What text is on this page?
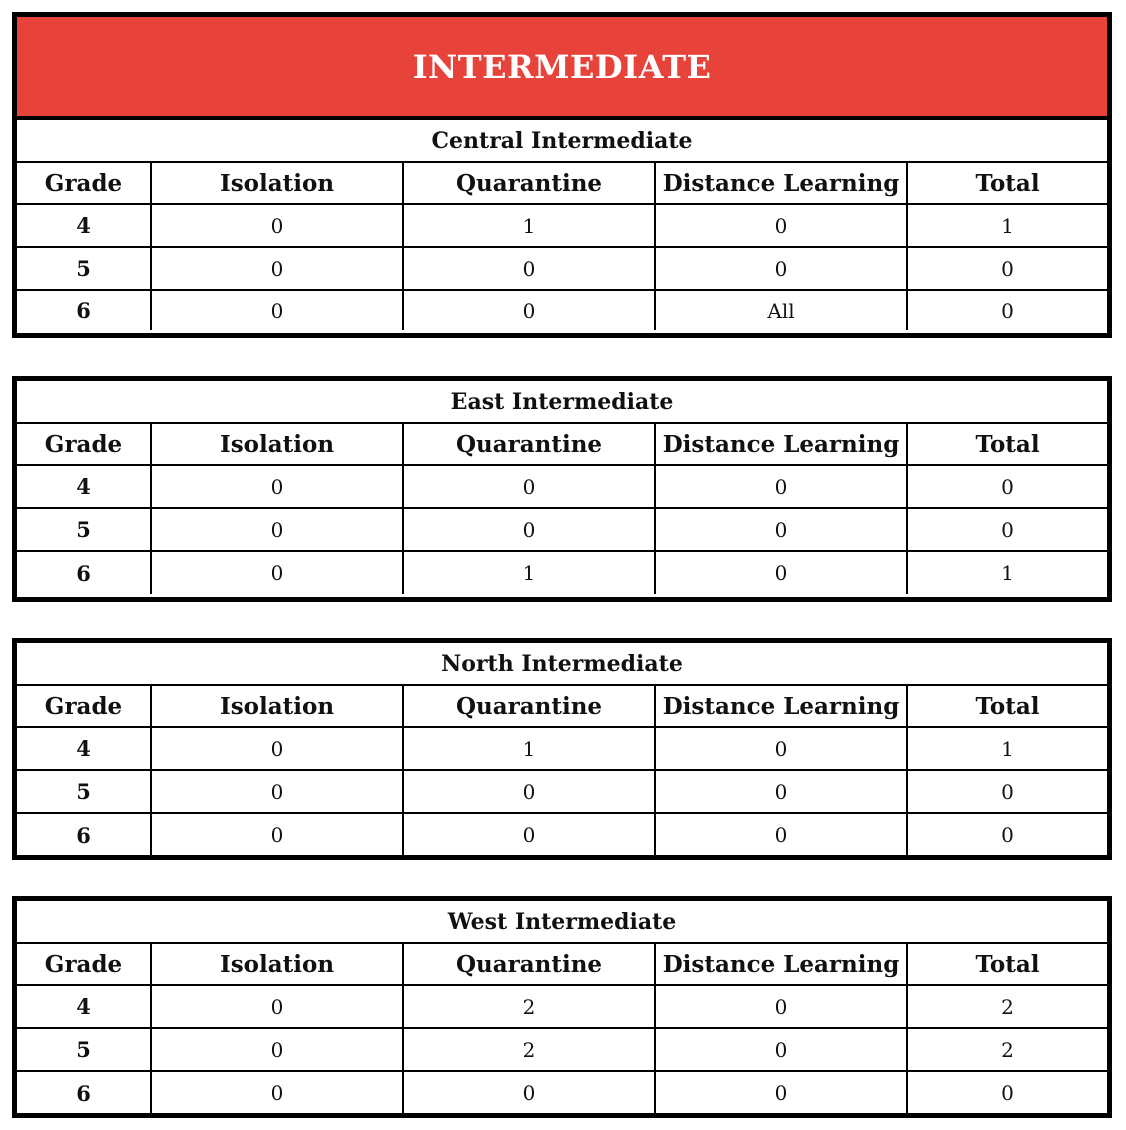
INTERMEDIATE
Central Intermediate				
Grade	Isolation	Quarantine	Distance Learning	Total
4	0	1	0	1
5	0	0	0	0
6	0	0	All	0
East Intermediate				
Grade	Isolation	Quarantine	Distance Learning	Total
4	0	0	0	0
5	0	0	0	0
6	0	1	0	1
North Intermediate				
Grade	Isolation	Quarantine	Distance Learning	Total
4	0	1	0	1
5	0	0	0	0
6	0	0	0	0
West Intermediate				
Grade	Isolation	Quarantine	Distance Learning	Total
4	0	2	0	2
5	0	2	0	2
6	0	0	0	0
